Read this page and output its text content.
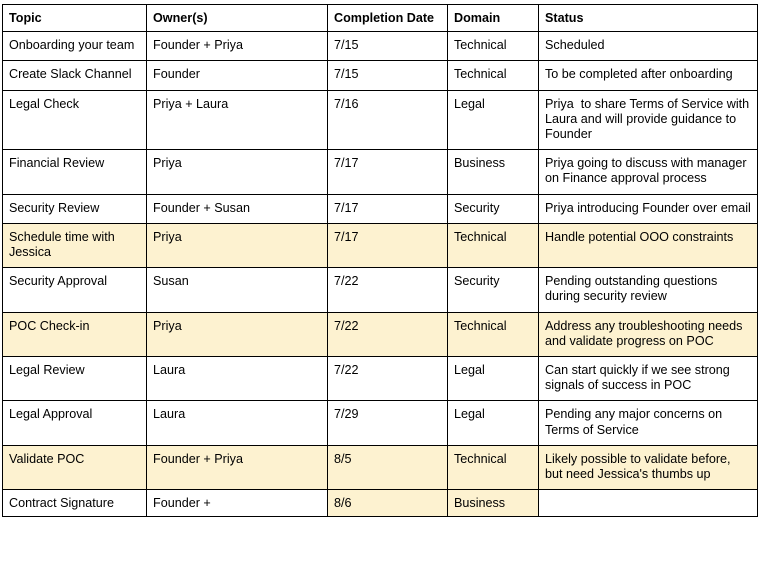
Topic	Owner(s)	Completion Date	Domain	Status
Onboarding your team	Founder + Priya	7/15	Technical	Scheduled
Create Slack Channel	Founder	7/15	Technical	To be completed after onboarding
Legal Check	Priya + Laura	7/16	Legal	Priya  to share Terms of Service with Laura and will provide guidance to Founder
Financial Review	Priya	7/17	Business	Priya going to discuss with manager on Finance approval process
Security Review	Founder + Susan	7/17	Security	Priya introducing Founder over email
Schedule time with Jessica	Priya	7/17	Technical	Handle potential OOO constraints
Security Approval	Susan	7/22	Security	Pending outstanding questions during security review
POC Check-in	Priya	7/22	Technical	Address any troubleshooting needs and validate progress on POC
Legal Review	Laura	7/22	Legal	Can start quickly if we see strong signals of success in POC
Legal Approval	Laura	7/29	Legal	Pending any major concerns on Terms of Service
Validate POC	Founder + Priya	8/5	Technical	Likely possible to validate before, but need Jessica's thumbs up
Contract Signature	Founder +	8/6	Business	
